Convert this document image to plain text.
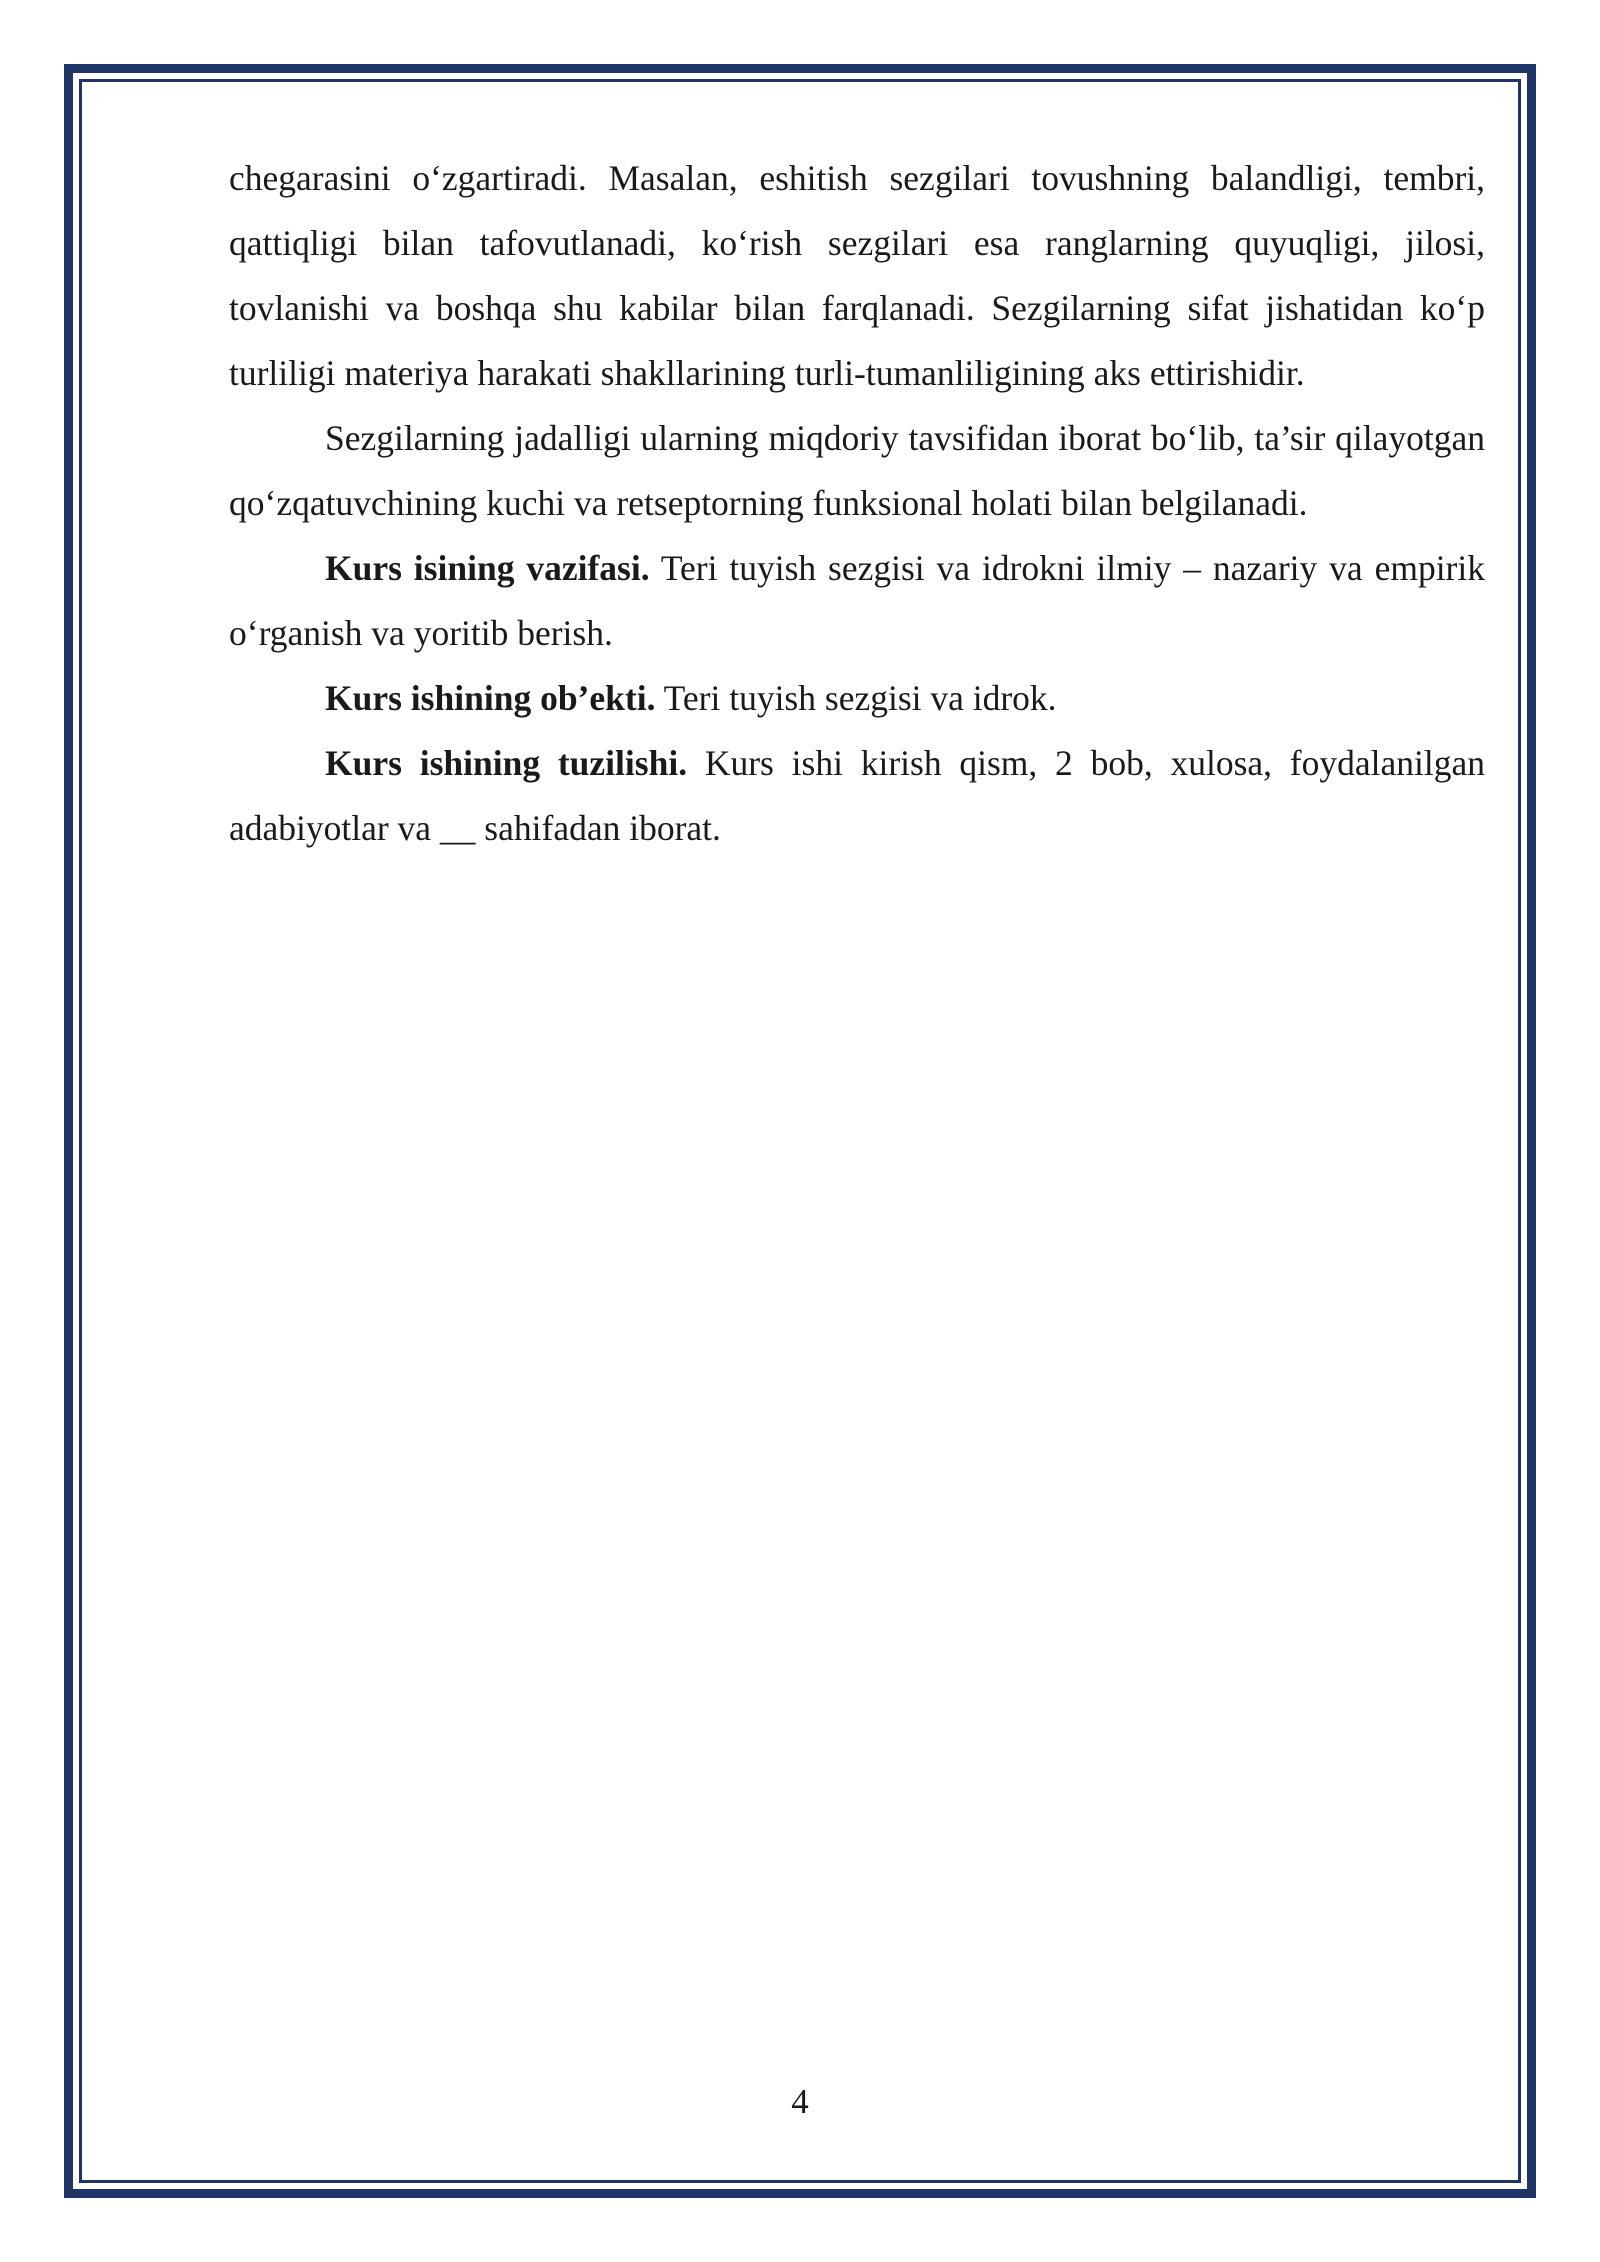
chegarasini o‘zgartiradi. Masalan, eshitish sezgilari tovushning balandligi, tembri, qattiqligi bilan tafovutlanadi, ko‘rish sezgilari esa ranglarning quyuqligi, jilosi, tovlanishi va boshqa shu kabilar bilan farqlanadi. Sezgilarning sifat jishatidan ko‘p turliligi materiya harakati shakllarining turli-tumanliligining aks ettirishidir.

Sezgilarning jadalligi ularning miqdoriy tavsifidan iborat bo‘lib, ta’sir qilayotgan qo‘zqatuvchining kuchi va retseptorning funksional holati bilan belgilanadi.

Kurs isining vazifasi. Teri tuyish sezgisi va idrokni ilmiy – nazariy va empirik o‘rganish va yoritib berish.

Kurs ishining ob’ekti. Teri tuyish sezgisi va idrok.

Kurs ishining tuzilishi. Kurs ishi kirish qism, 2 bob, xulosa, foydalanilgan adabiyotlar va __ sahifadan iborat.

4
